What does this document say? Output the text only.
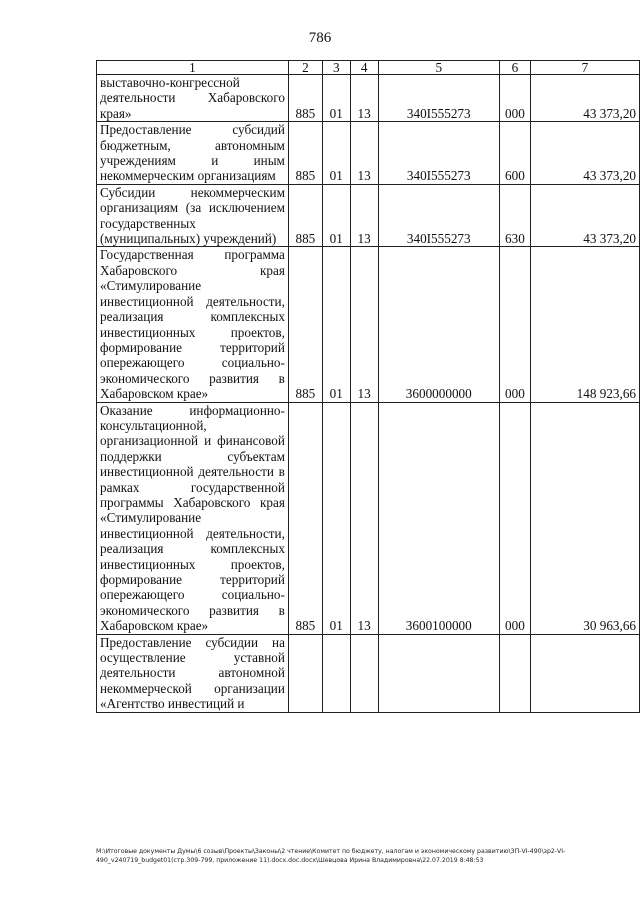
786
1	2	3	4	5	6	7
выставочно-конгрессной деятельности Хабаровского края»	885	01	13	340I555273	000	43 373,20
Предоставление субсидий бюджетным, автономным учреждениям и иным некоммерческим организациям	885	01	13	340I555273	600	43 373,20
Субсидии некоммерческим организациям (за исключением государственных (муниципальных) учреждений)	885	01	13	340I555273	630	43 373,20
Государственная программа Хабаровского края «Стимулирование инвестиционной деятельности, реализация комплексных инвестиционных проектов, формирование территорий опережающего социально-экономического развития в Хабаровском крае»	885	01	13	3600000000	000	148 923,66
Оказание информационно-консультационной, организационной и финансовой поддержки субъектам инвестиционной деятельности в рамках государственной программы Хабаровского края «Стимулирование инвестиционной деятельности, реализация комплексных инвестиционных проектов, формирование территорий опережающего социально-экономического развития в Хабаровском крае»	885	01	13	3600100000	000	30 963,66
Предоставление субсидии на осуществление уставной деятельности автономной некоммерческой организации «Агентство инвестиций и						
M:\Итоговые документы Думы\6 созыв\Проекты\Законы\2 чтение\Комитет по бюджету, налогам и экономическому развитию\3П-VI-490\зр2-VI-490_v240719_budget01(стр.309-799, приложение 11).docx.doc.docx\Шевцова Ирина Владимировна\22.07.2019 8:48:53
